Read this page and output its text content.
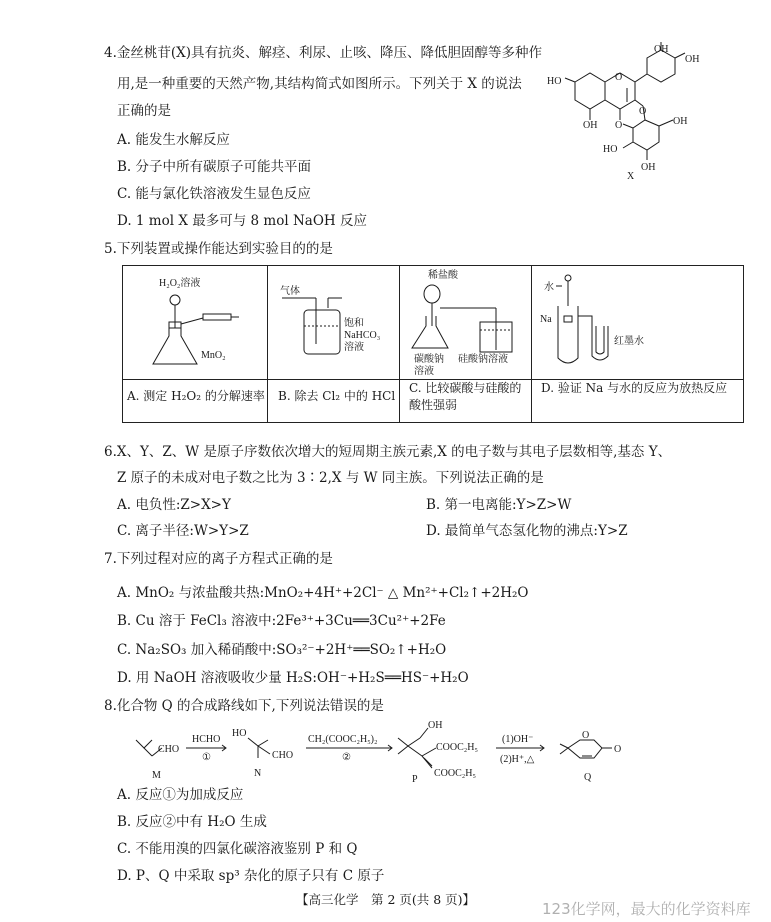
4.金丝桃苷(X)具有抗炎、解痉、利尿、止咳、降压、降低胆固醇等多种作
用,是一种重要的天然产物,其结构简式如图所示。下列关于 X 的说法
正确的是
A. 能发生水解反应
B. 分子中所有碳原子可能共平面
C. 能与氯化铁溶液发生显色反应
D. 1 mol X 最多可与 8 mol NaOH 反应
OH
OH
HO	O
OH O
O
OH
HO
OH
X
5.下列装置或操作能达到实验目的的是
H₂O₂溶液
MnO₂
A. 测定 H₂O₂ 的分解速率
气体
饱和
NaHCO₃
溶液
B. 除去 Cl₂ 中的 HCl
稀盐酸
碳酸钠
溶液
硅酸钠溶液
C. 比较碳酸与硅酸的酸性强弱
水
Na
红墨水
D. 验证 Na 与水的反应为放热反应
6.X、Y、Z、W 是原子序数依次增大的短周期主族元素,X 的电子数与其电子层数相等,基态 Y、
Z 原子的未成对电子数之比为 3∶2,X 与 W 同主族。下列说法正确的是
A. 电负性:Z>X>Y	B. 第一电离能:Y>Z>W
C. 离子半径:W>Y>Z	D. 最简单气态氢化物的沸点:Y>Z
7.下列过程对应的离子方程式正确的是
A. MnO₂ 与浓盐酸共热:MnO₂+4H⁺+2Cl⁻ △ Mn²⁺+Cl₂↑+2H₂O
B. Cu 溶于 FeCl₃ 溶液中:2Fe³⁺+3Cu══3Cu²⁺+2Fe
C. Na₂SO₃ 加入稀硝酸中:SO₃²⁻+2H⁺══SO₂↑+H₂O
D. 用 NaOH 溶液吸收少量 H₂S:OH⁻+H₂S══HS⁻+H₂O
8.化合物 Q 的合成路线如下,下列说法错误的是
CHO
M
HCHO
①
HO
CHO
N
CH₂(COOC₂H₅)₂
②
OH
COOC₂H₅
COOC₂H₅
P
(1)OH⁻
(2)H⁺,△
O
O
Q
A. 反应①为加成反应
B. 反应②中有 H₂O 生成
C. 不能用溴的四氯化碳溶液鉴别 P 和 Q
D. P、Q 中采取 sp³ 杂化的原子只有 C 原子
【高三化学　第 2 页(共 8 页)】
123化学网，最大的化学资料库
